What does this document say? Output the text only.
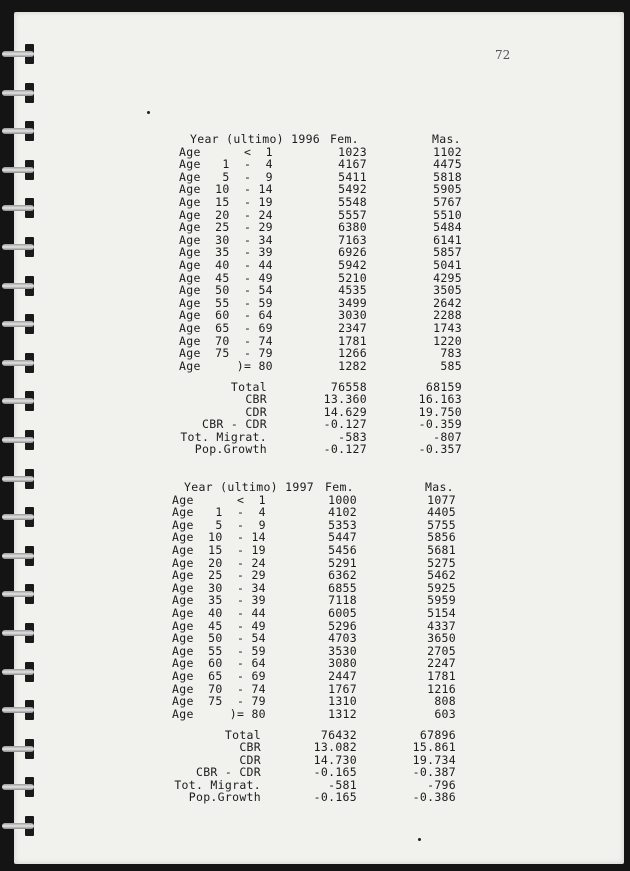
72
Year (ultimo) 1996 Fem.	Mas.
Age      <  1	1023	1102
Age   1  -  4	4167	4475
Age   5  -  9	5411	5818
Age  10  - 14	5492	5905
Age  15  - 19	5548	5767
Age  20  - 24	5557	5510
Age  25  - 29	6380	5484
Age  30  - 34	7163	6141
Age  35  - 39	6926	5857
Age  40  - 44	5942	5041
Age  45  - 49	5210	4295
Age  50  - 54	4535	3505
Age  55  - 59	3499	2642
Age  60  - 64	3030	2288
Age  65  - 69	2347	1743
Age  70  - 74	1781	1220
Age  75  - 79	1266	783
Age     )= 80	1282	585
Total	76558	68159
CBR	13.360	16.163
CDR	14.629	19.750
CBR - CDR	-0.127	-0.359
Tot. Migrat.	-583	-807
Pop.Growth	-0.127	-0.357
Year (ultimo) 1997 Fem.	Mas.
Age      <  1	1000	1077
Age   1  -  4	4102	4405
Age   5  -  9	5353	5755
Age  10  - 14	5447	5856
Age  15  - 19	5456	5681
Age  20  - 24	5291	5275
Age  25  - 29	6362	5462
Age  30  - 34	6855	5925
Age  35  - 39	7118	5959
Age  40  - 44	6005	5154
Age  45  - 49	5296	4337
Age  50  - 54	4703	3650
Age  55  - 59	3530	2705
Age  60  - 64	3080	2247
Age  65  - 69	2447	1781
Age  70  - 74	1767	1216
Age  75  - 79	1310	808
Age     )= 80	1312	603
Total	76432	67896
CBR	13.082	15.861
CDR	14.730	19.734
CBR - CDR	-0.165	-0.387
Tot. Migrat.	-581	-796
Pop.Growth	-0.165	-0.386
